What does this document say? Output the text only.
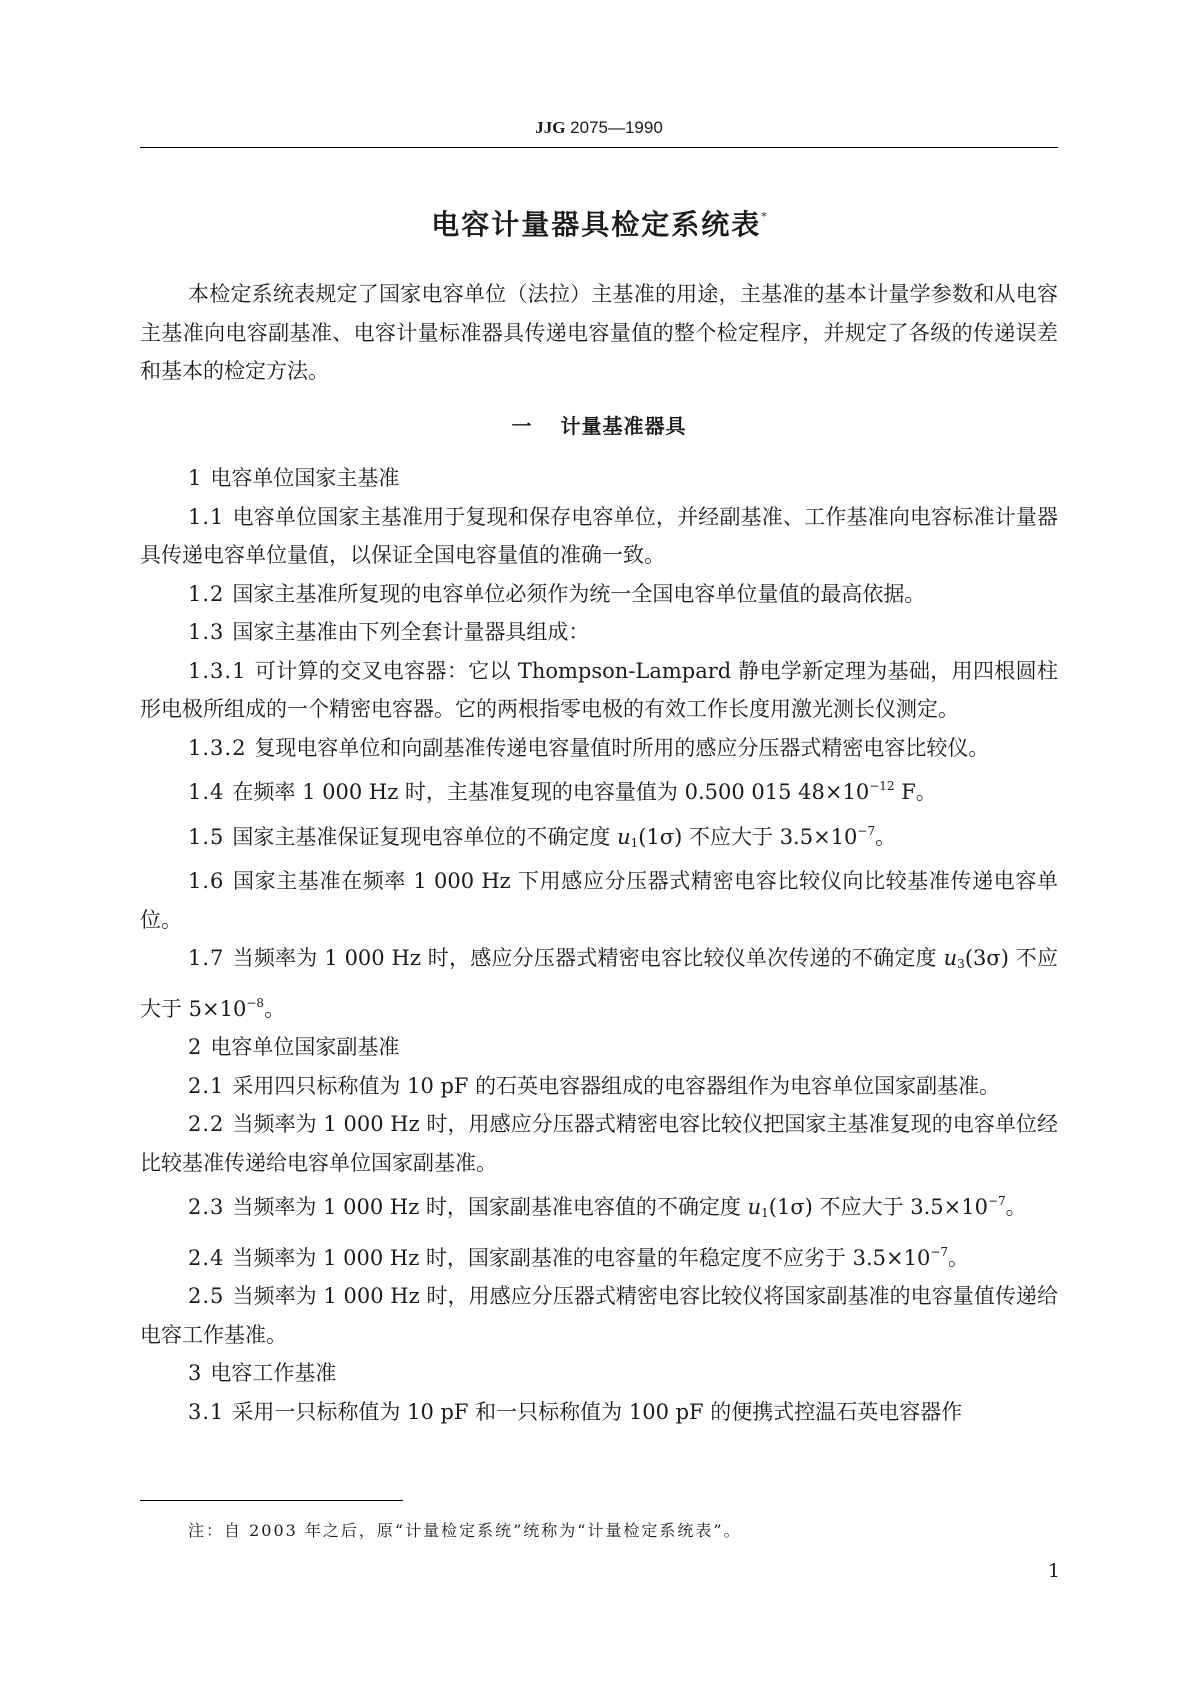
JJG 2075—1990
电容计量器具检定系统表*

本检定系统表规定了国家电容单位（法拉）主基准的用途，主基准的基本计量学参数和从电容主基准向电容副基准、电容计量标准器具传递电容量值的整个检定程序，并规定了各级的传递误差和基本的检定方法。

一 计量基准器具

1 电容单位国家主基准

1.1 电容单位国家主基准用于复现和保存电容单位，并经副基准、工作基准向电容标准计量器具传递电容单位量值，以保证全国电容量值的准确一致。

1.2 国家主基准所复现的电容单位必须作为统一全国电容单位量值的最高依据。

1.3 国家主基准由下列全套计量器具组成：

1.3.1 可计算的交叉电容器：它以 Thompson-Lampard 静电学新定理为基础，用四根圆柱形电极所组成的一个精密电容器。它的两根指零电极的有效工作长度用激光测长仪测定。

1.3.2 复现电容单位和向副基准传递电容量值时所用的感应分压器式精密电容比较仪。

1.4 在频率 1 000 Hz 时，主基准复现的电容量值为 0.500 015 $48\times 10^{-12}$ F。

1.5 国家主基准保证复现电容单位的不确定度 $u_1(1\sigma)$ 不应大于 $3.5\times 10^{-7}$。

1.6 国家主基准在频率 1 000 Hz 下用感应分压器式精密电容比较仪向比较基准传递电容单位。

1.7 当频率为 1 000 Hz 时，感应分压器式精密电容比较仪单次传递的不确定度 $u_3(3\sigma)$ 不应大于 $5\times 10^{-8}$。

2 电容单位国家副基准

2.1 采用四只标称值为 10 pF 的石英电容器组成的电容器组作为电容单位国家副基准。

2.2 当频率为 1 000 Hz 时，用感应分压器式精密电容比较仪把国家主基准复现的电容单位经比较基准传递给电容单位国家副基准。

2.3 当频率为 1 000 Hz 时，国家副基准电容值的不确定度 $u_1(1\sigma)$ 不应大于 $3.5\times 10^{-7}$。

2.4 当频率为 1 000 Hz 时，国家副基准的电容量的年稳定度不应劣于 $3.5\times 10^{-7}$。

2.5 当频率为 1 000 Hz 时，用感应分压器式精密电容比较仪将国家副基准的电容量值传递给电容工作基准。

3 电容工作基准

3.1 采用一只标称值为 10 pF 和一只标称值为 100 pF 的便携式控温石英电容器作

注：自 2003 年之后，原“计量检定系统”统称为“计量检定系统表”。
1
